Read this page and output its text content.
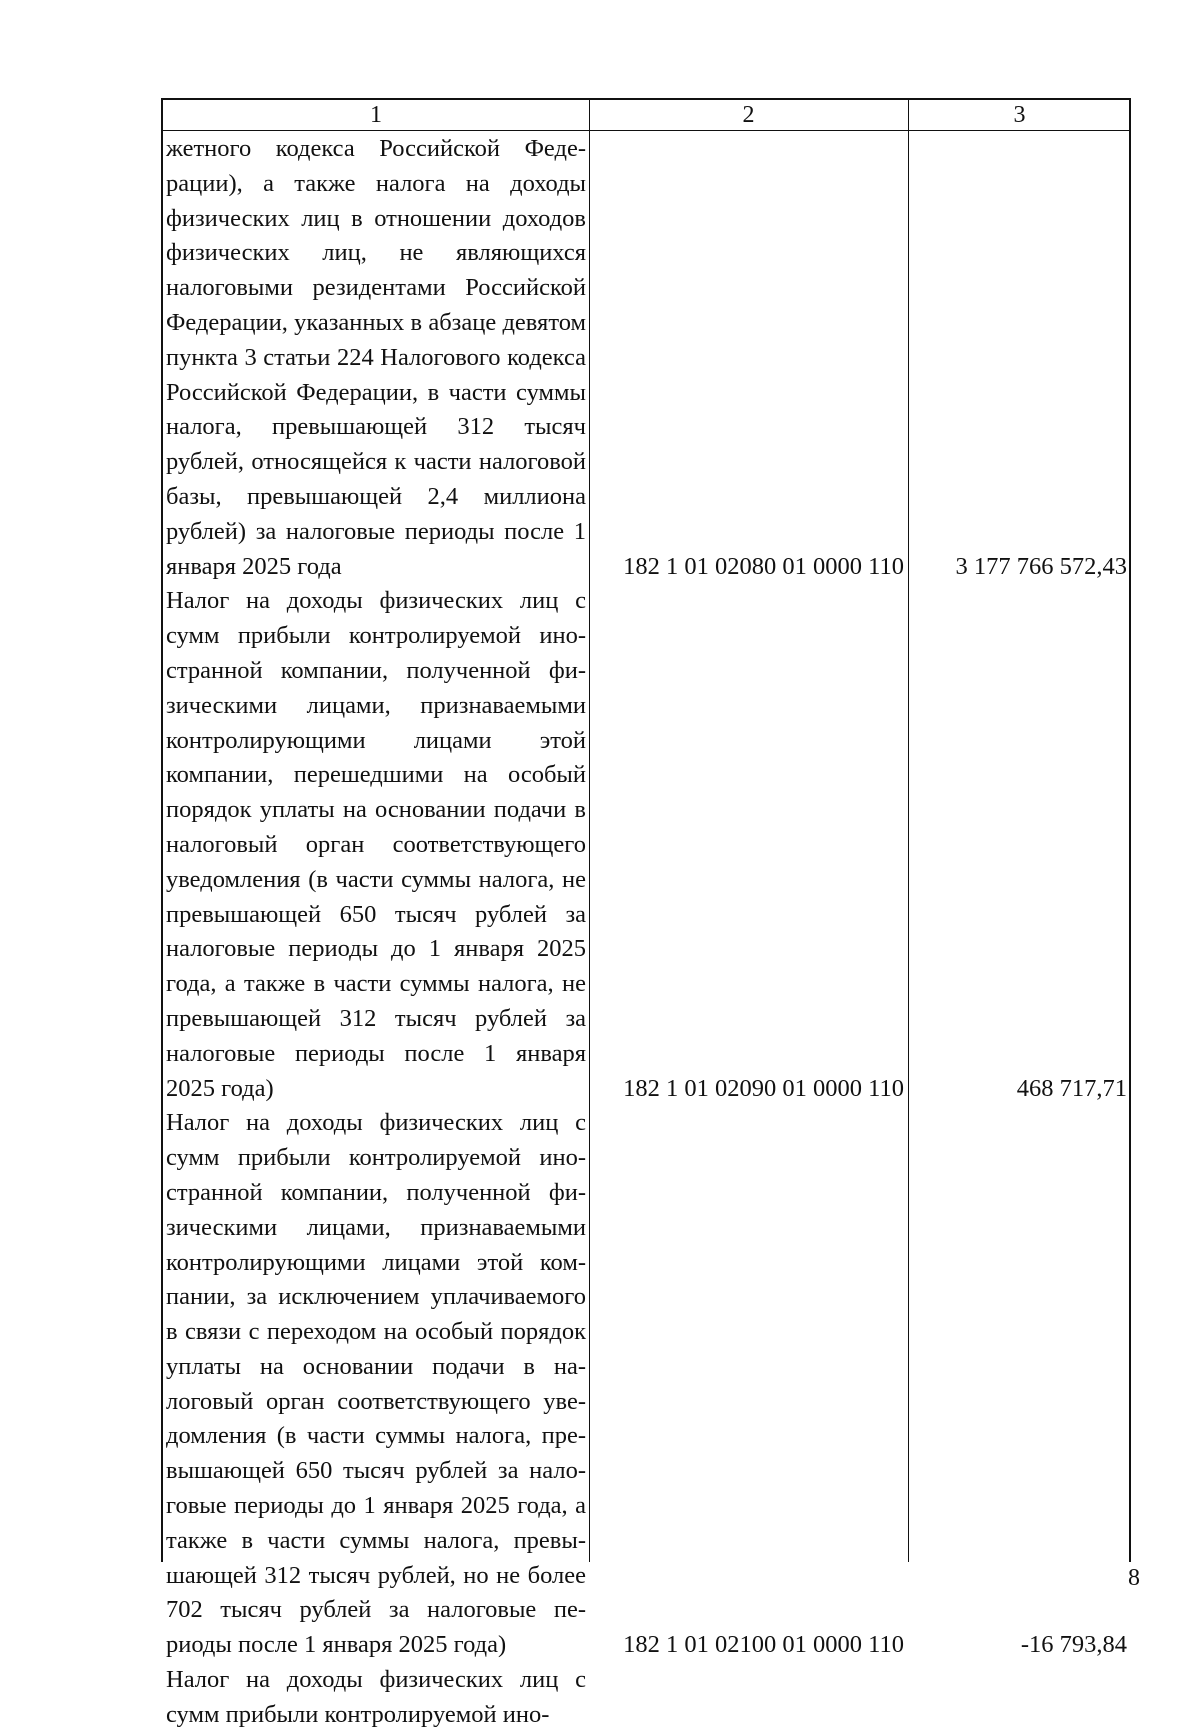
1	2	3
жетного кодекса Российской Федерации), а также налога на доходы физических лиц в отношении доходов физических лиц, не являющихся налоговыми резидентами Российской Федерации, указанных в абзаце девятом пункта 3 статьи 224 Налогового кодекса Российской Федерации, в части суммы налога, превышающей 312 тысяч рублей, относящейся к части налоговой базы, превышающей 2,4 миллиона рублей) за налоговые периоды после 1 января 2025 года	182 1 01 02080 01 0000 110	3 177 766 572,43
Налог на доходы физических лиц с сумм прибыли контролируемой иностранной компании, полученной физическими лицами, признаваемыми контролирующими лицами этой компании, перешедшими на особый порядок уплаты на основании подачи в налоговый орган соответствующего уведомления (в части суммы налога, не превышающей 650 тысяч рублей за налоговые периоды до 1 января 2025 года, а также в части суммы налога, не превышающей 312 тысяч рублей за налоговые периоды после 1 января 2025 года)	182 1 01 02090 01 0000 110	468 717,71
Налог на доходы физических лиц с сумм прибыли контролируемой иностранной компании, полученной физическими лицами, признаваемыми контролирующими лицами этой компании, за исключением уплачиваемого в связи с переходом на особый порядок уплаты на основании подачи в налоговый орган соответствующего уведомления (в части суммы налога, превышающей 650 тысяч рублей за налоговые периоды до 1 января 2025 года, а также в части суммы налога, превышающей 312 тысяч рублей, но не более 702 тысяч рублей за налоговые периоды после 1 января 2025 года)	182 1 01 02100 01 0000 110	-16 793,84
Налог на доходы физических лиц с сумм прибыли контролируемой ино-
8
